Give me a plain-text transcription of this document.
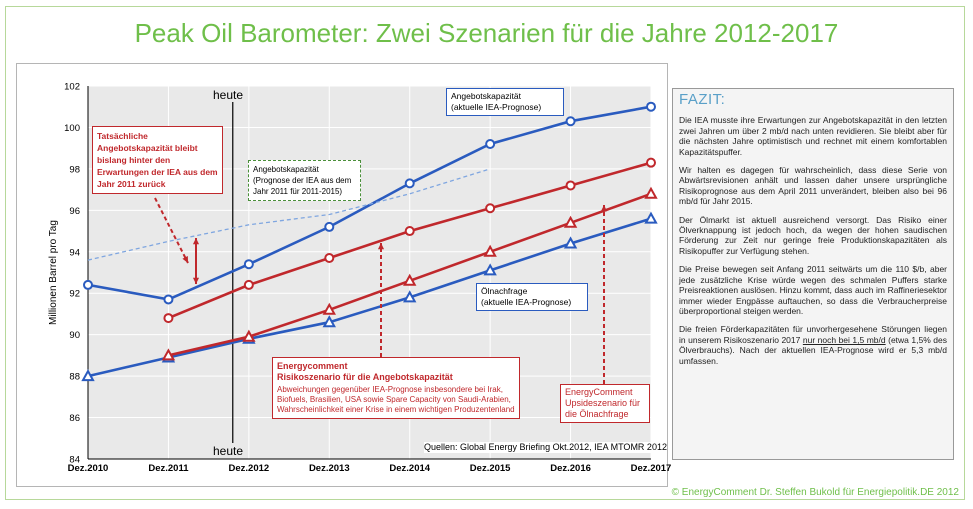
Peak Oil Barometer: Zwei Szenarien für die Jahre 2012-2017
84
86
88
90
92
94
96
98
100
102
Dez.2010	Dez.2011	Dez.2012	Dez.2013	Dez.2014	Dez.2015	Dez.2016	Dez.2017
Millionen Barrel pro Tag
heute
heute
Tatsächliche Angebotskapazität bleibt bislang hinter den Erwartungen der IEA aus dem Jahr 2011 zurück
Angebotskapazität
(aktuelle IEA-Prognose)
Angebotskapazität
(Prognose der IEA aus dem
Jahr 2011 für 2011-2015)
Ölnachfrage
(aktuelle IEA-Prognose)
Energycomment
Risikoszenario für die Angebotskapazität
Abweichungen gegenüber IEA-Prognose insbesondere bei Irak, Biofuels, Brasilien, USA sowie Spare Capacity von Saudi-Arabien, Wahrscheinlichkeit einer Krise in einem wichtigen Produzentenland
EnergyComment
Upsideszenario für
die Ölnachfrage
Quellen: Global Energy Briefing Okt.2012, IEA MTOMR 2012
FAZIT:

Die IEA musste ihre Erwartungen zur Angebotskapazität in den letzten zwei Jahren um über 2 mb/d nach unten revidieren. Sie bleibt aber für die nächsten Jahre optimistisch und rechnet mit einem komfortablen Kapazitätspuffer.

Wir halten es dagegen für wahrscheinlich, dass diese Serie von Abwärtsrevisionen anhält und lassen daher unsere ursprüngliche Risikoprognose aus dem April 2011 unverändert, bleiben also bei 96 mb/d für Jahr 2015.

Der Ölmarkt ist aktuell ausreichend versorgt. Das Risiko einer Ölverknappung ist jedoch hoch, da wegen der hohen saudischen Förderung zur Zeit nur geringe freie Produktionskapazitäten als Risikopuffer zur Verfügung stehen.

Die Preise bewegen seit Anfang 2011 seitwärts um die 110 $/b, aber jede zusätzliche Krise würde wegen des schmalen Puffers starke Preisreaktionen auslösen. Hinzu kommt, dass auch im Raffineriesektor immer wieder Engpässe auftauchen, so dass die Verbraucherpreise überproportional steigen werden.

Die freien Förderkapazitäten für unvorhergesehene Störungen liegen in unserem Risikoszenario 2017 nur noch bei 1,5 mb/d (etwa 1,5% des Ölverbrauchs). Nach der aktuellen IEA-Prognose wird er 5,3 mb/d umfassen.

© EnergyComment Dr. Steffen Bukold für Energiepolitik.DE 2012
